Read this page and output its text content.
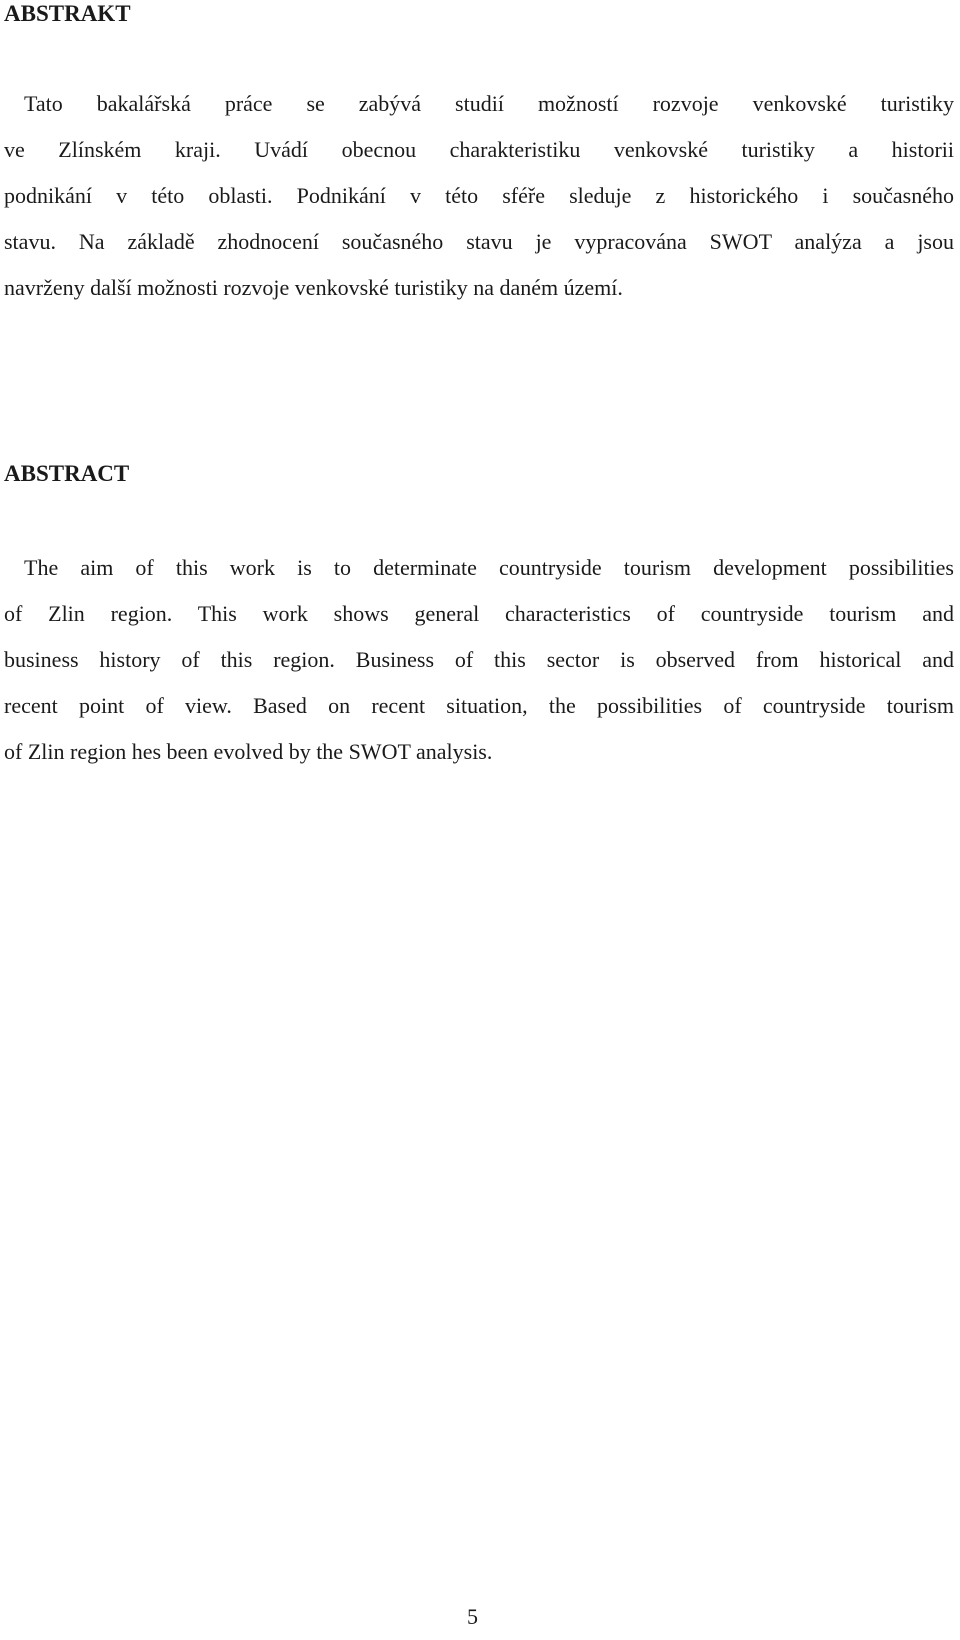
ABSTRAKT
Tato bakalářská práce se zabývá studií možností rozvoje venkovské turistiky
ve Zlínském kraji. Uvádí obecnou charakteristiku venkovské turistiky a historii
podnikání v této oblasti. Podnikání v této sféře sleduje z historického i současného
stavu. Na základě zhodnocení současného stavu je vypracována SWOT analýza a jsou
navrženy další možnosti rozvoje venkovské turistiky na daném území.
ABSTRACT
The aim of this work is to determinate countryside tourism development possibilities
of Zlin region. This work shows general characteristics of countryside tourism and
business history of this region. Business of this sector is observed from historical and
recent point of view. Based on recent situation, the possibilities of countryside tourism
of Zlin region hes been evolved by the SWOT analysis.
5
